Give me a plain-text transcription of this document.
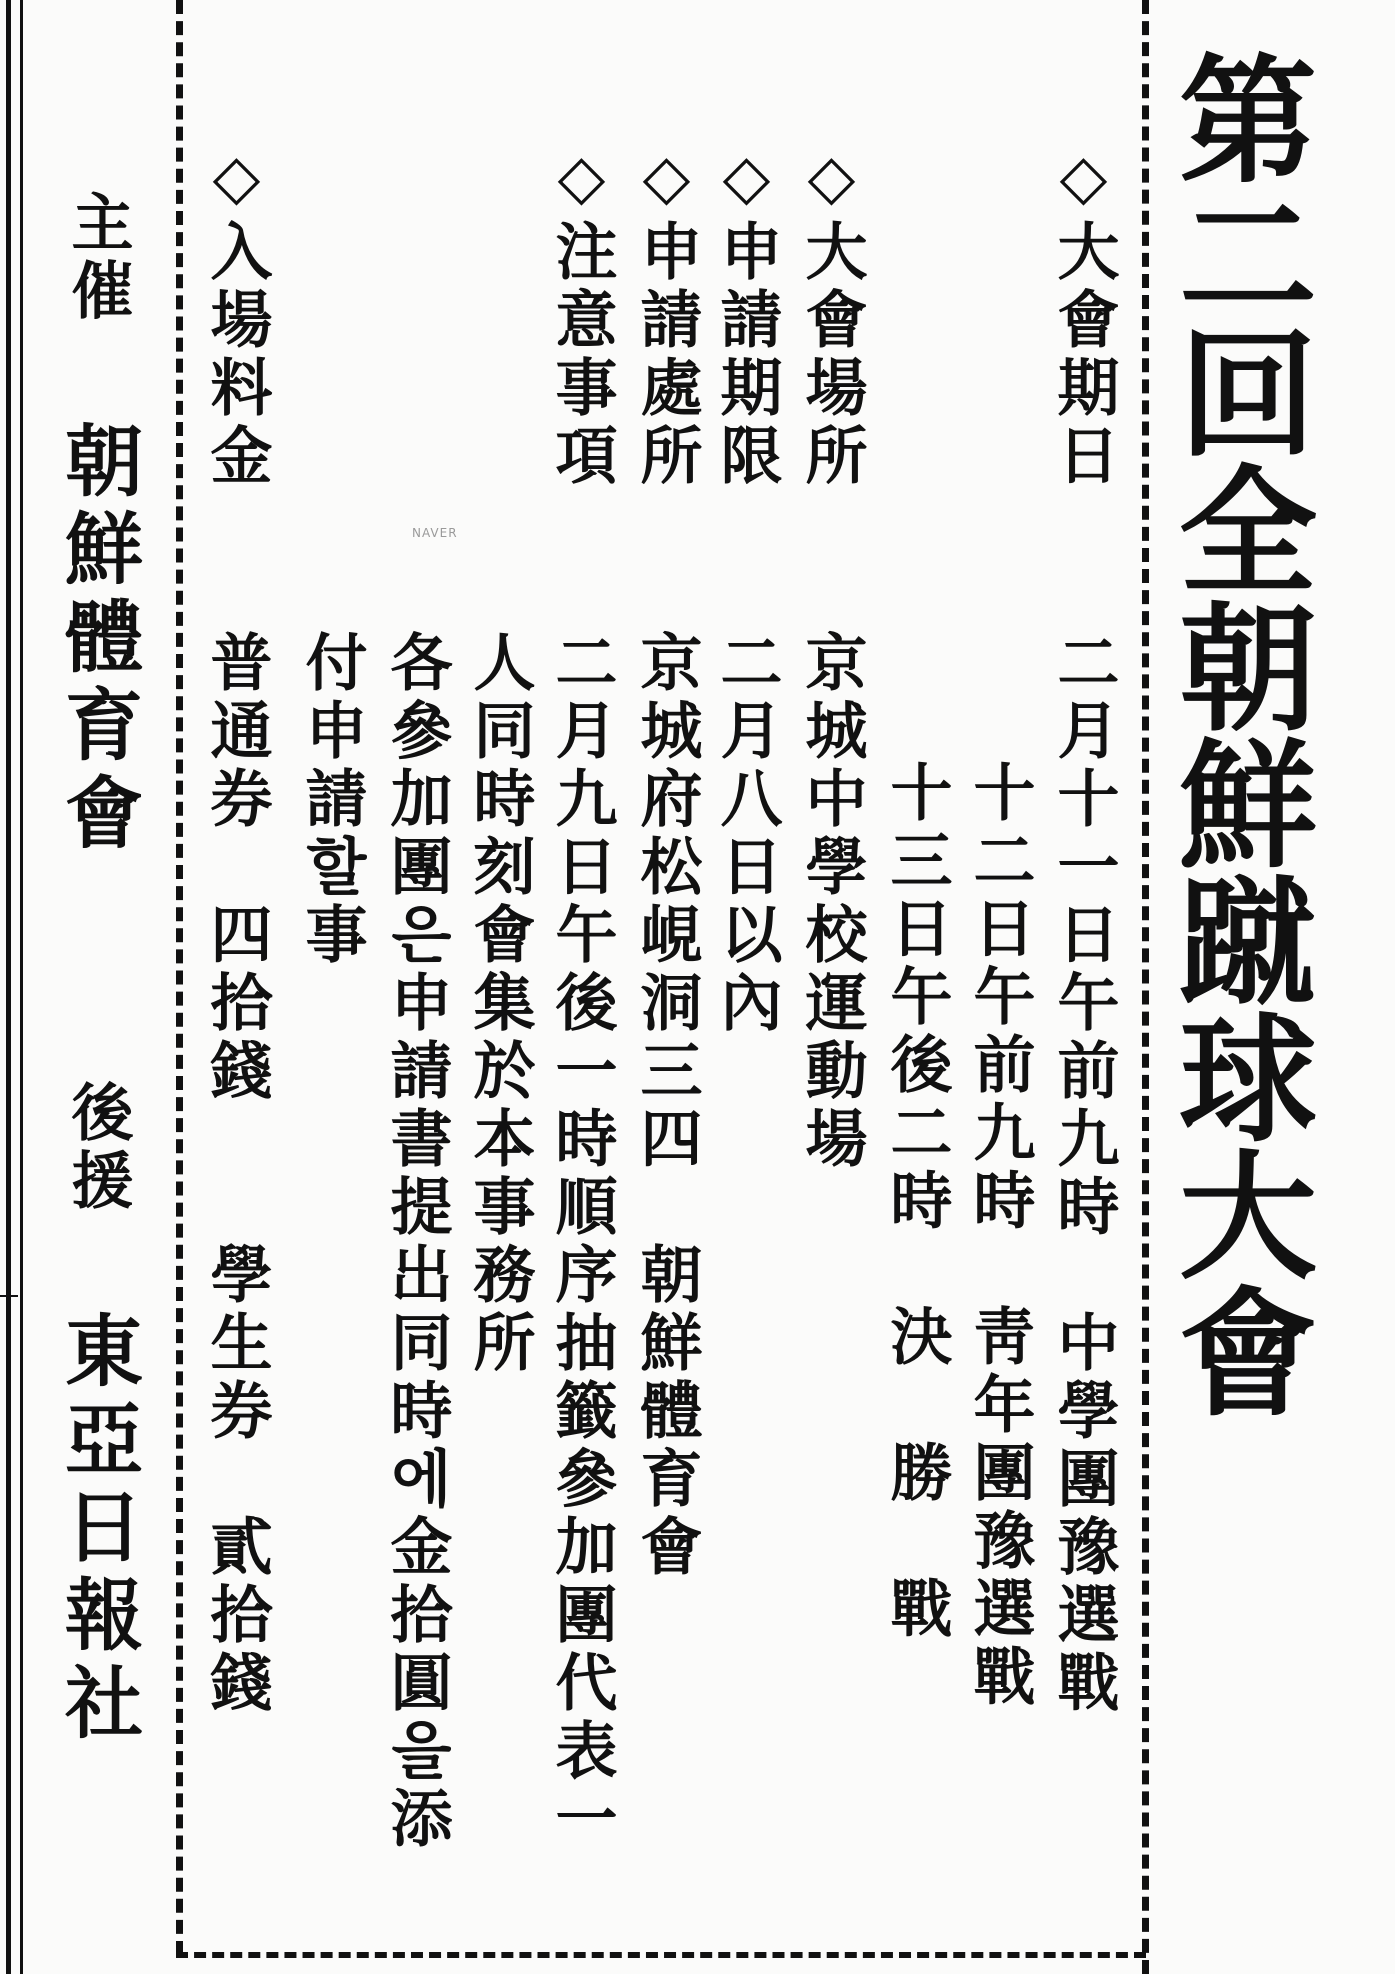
第二回全朝鮮蹴球大會
◇大會期日
◇大會場所
◇申請期限
◇申請處所
◇注意事項
◇入場料金
二月十一日午前九時　中學團豫選戰
十二日午前九時　靑年團豫選戰
十三日午後二時　決　勝　戰
京城中學校運動場
二月八日以內
京城府松峴洞三四　朝鮮體育會
二月九日午後一時順序抽籤參加團代表一
人同時刻會集於本事務所
各參加團은申請書提出同時에金拾圓을添
付申請할事
普通券　四拾錢　　學生券　貳拾錢
主催
朝鮮體育會
後援
東亞日報社
NAVER
